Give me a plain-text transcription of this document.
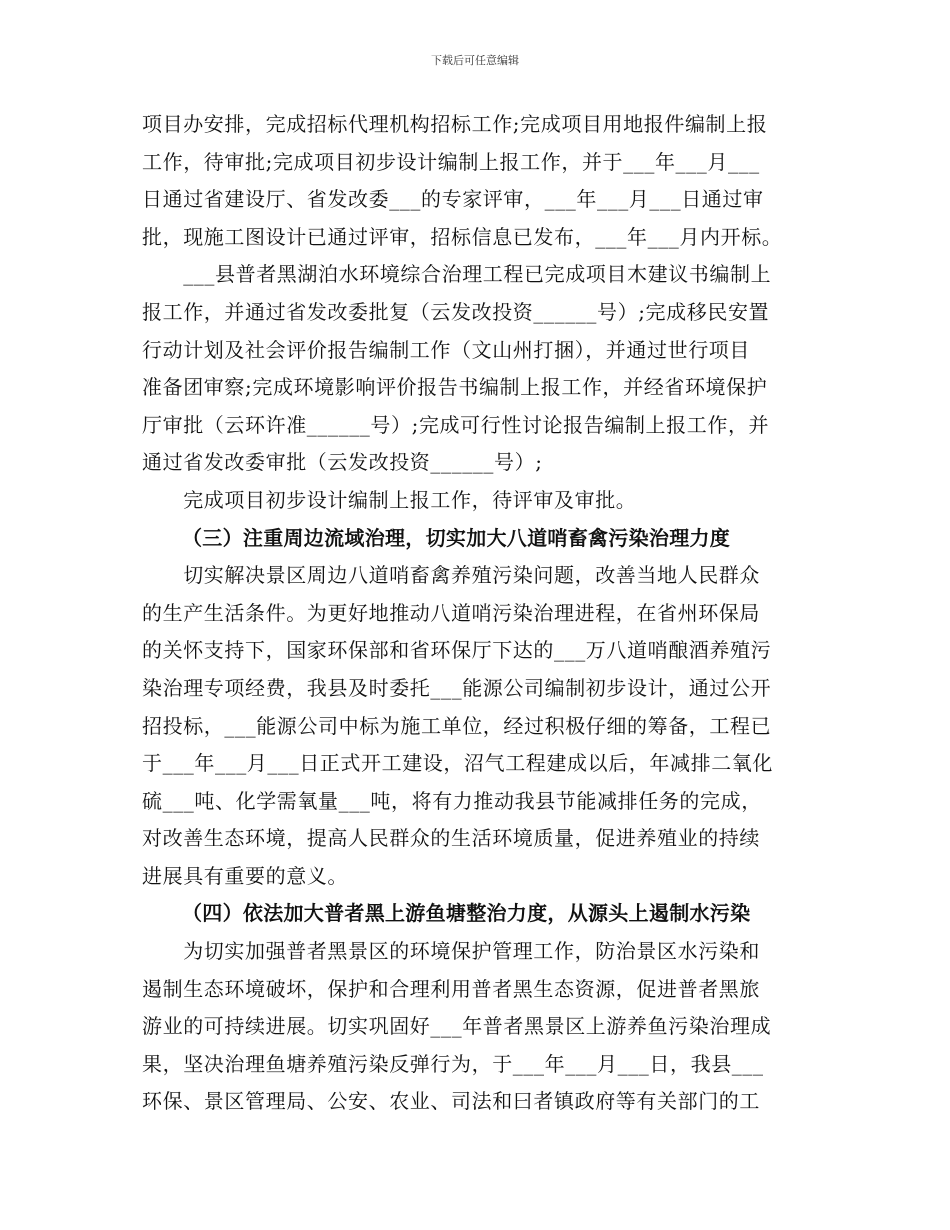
下载后可任意编辑
项目办安排，完成招标代理机构招标工作;完成项目用地报件编制上报
工作，待审批;完成项目初步设计编制上报工作，并于___年___月___
日通过省建设厅、省发改委___的专家评审，___年___月___日通过审
批，现施工图设计已通过评审，招标信息已发布，___年___月内开标。
　　___县普者黑湖泊水环境综合治理工程已完成项目木建议书编制上
报工作，并通过省发改委批复（云发改投资______号）;完成移民安置
行动计划及社会评价报告编制工作（文山州打捆），并通过世行项目
准备团审察;完成环境影响评价报告书编制上报工作，并经省环境保护
厅审批（云环许准______号）;完成可行性讨论报告编制上报工作，并
通过省发改委审批（云发改投资______号）;
　　完成项目初步设计编制上报工作，待评审及审批。
（三）注重周边流域治理，切实加大八道哨畜禽污染治理力度
　　切实解决景区周边八道哨畜禽养殖污染问题，改善当地人民群众
的生产生活条件。为更好地推动八道哨污染治理进程，在省州环保局
的关怀支持下，国家环保部和省环保厅下达的___万八道哨酿酒养殖污
染治理专项经费，我县及时委托___能源公司编制初步设计，通过公开
招投标，___能源公司中标为施工单位，经过积极仔细的筹备，工程已
于___年___月___日正式开工建设，沼气工程建成以后，年减排二氧化
硫___吨、化学需氧量___吨，将有力推动我县节能减排任务的完成，
对改善生态环境，提高人民群众的生活环境质量，促进养殖业的持续
进展具有重要的意义。
（四）依法加大普者黑上游鱼塘整治力度，从源头上遏制水污染
　　为切实加强普者黑景区的环境保护管理工作，防治景区水污染和
遏制生态环境破坏，保护和合理利用普者黑生态资源，促进普者黑旅
游业的可持续进展。切实巩固好___年普者黑景区上游养鱼污染治理成
果，坚决治理鱼塘养殖污染反弹行为，于___年___月___日，我县___
环保、景区管理局、公安、农业、司法和曰者镇政府等有关部门的工
